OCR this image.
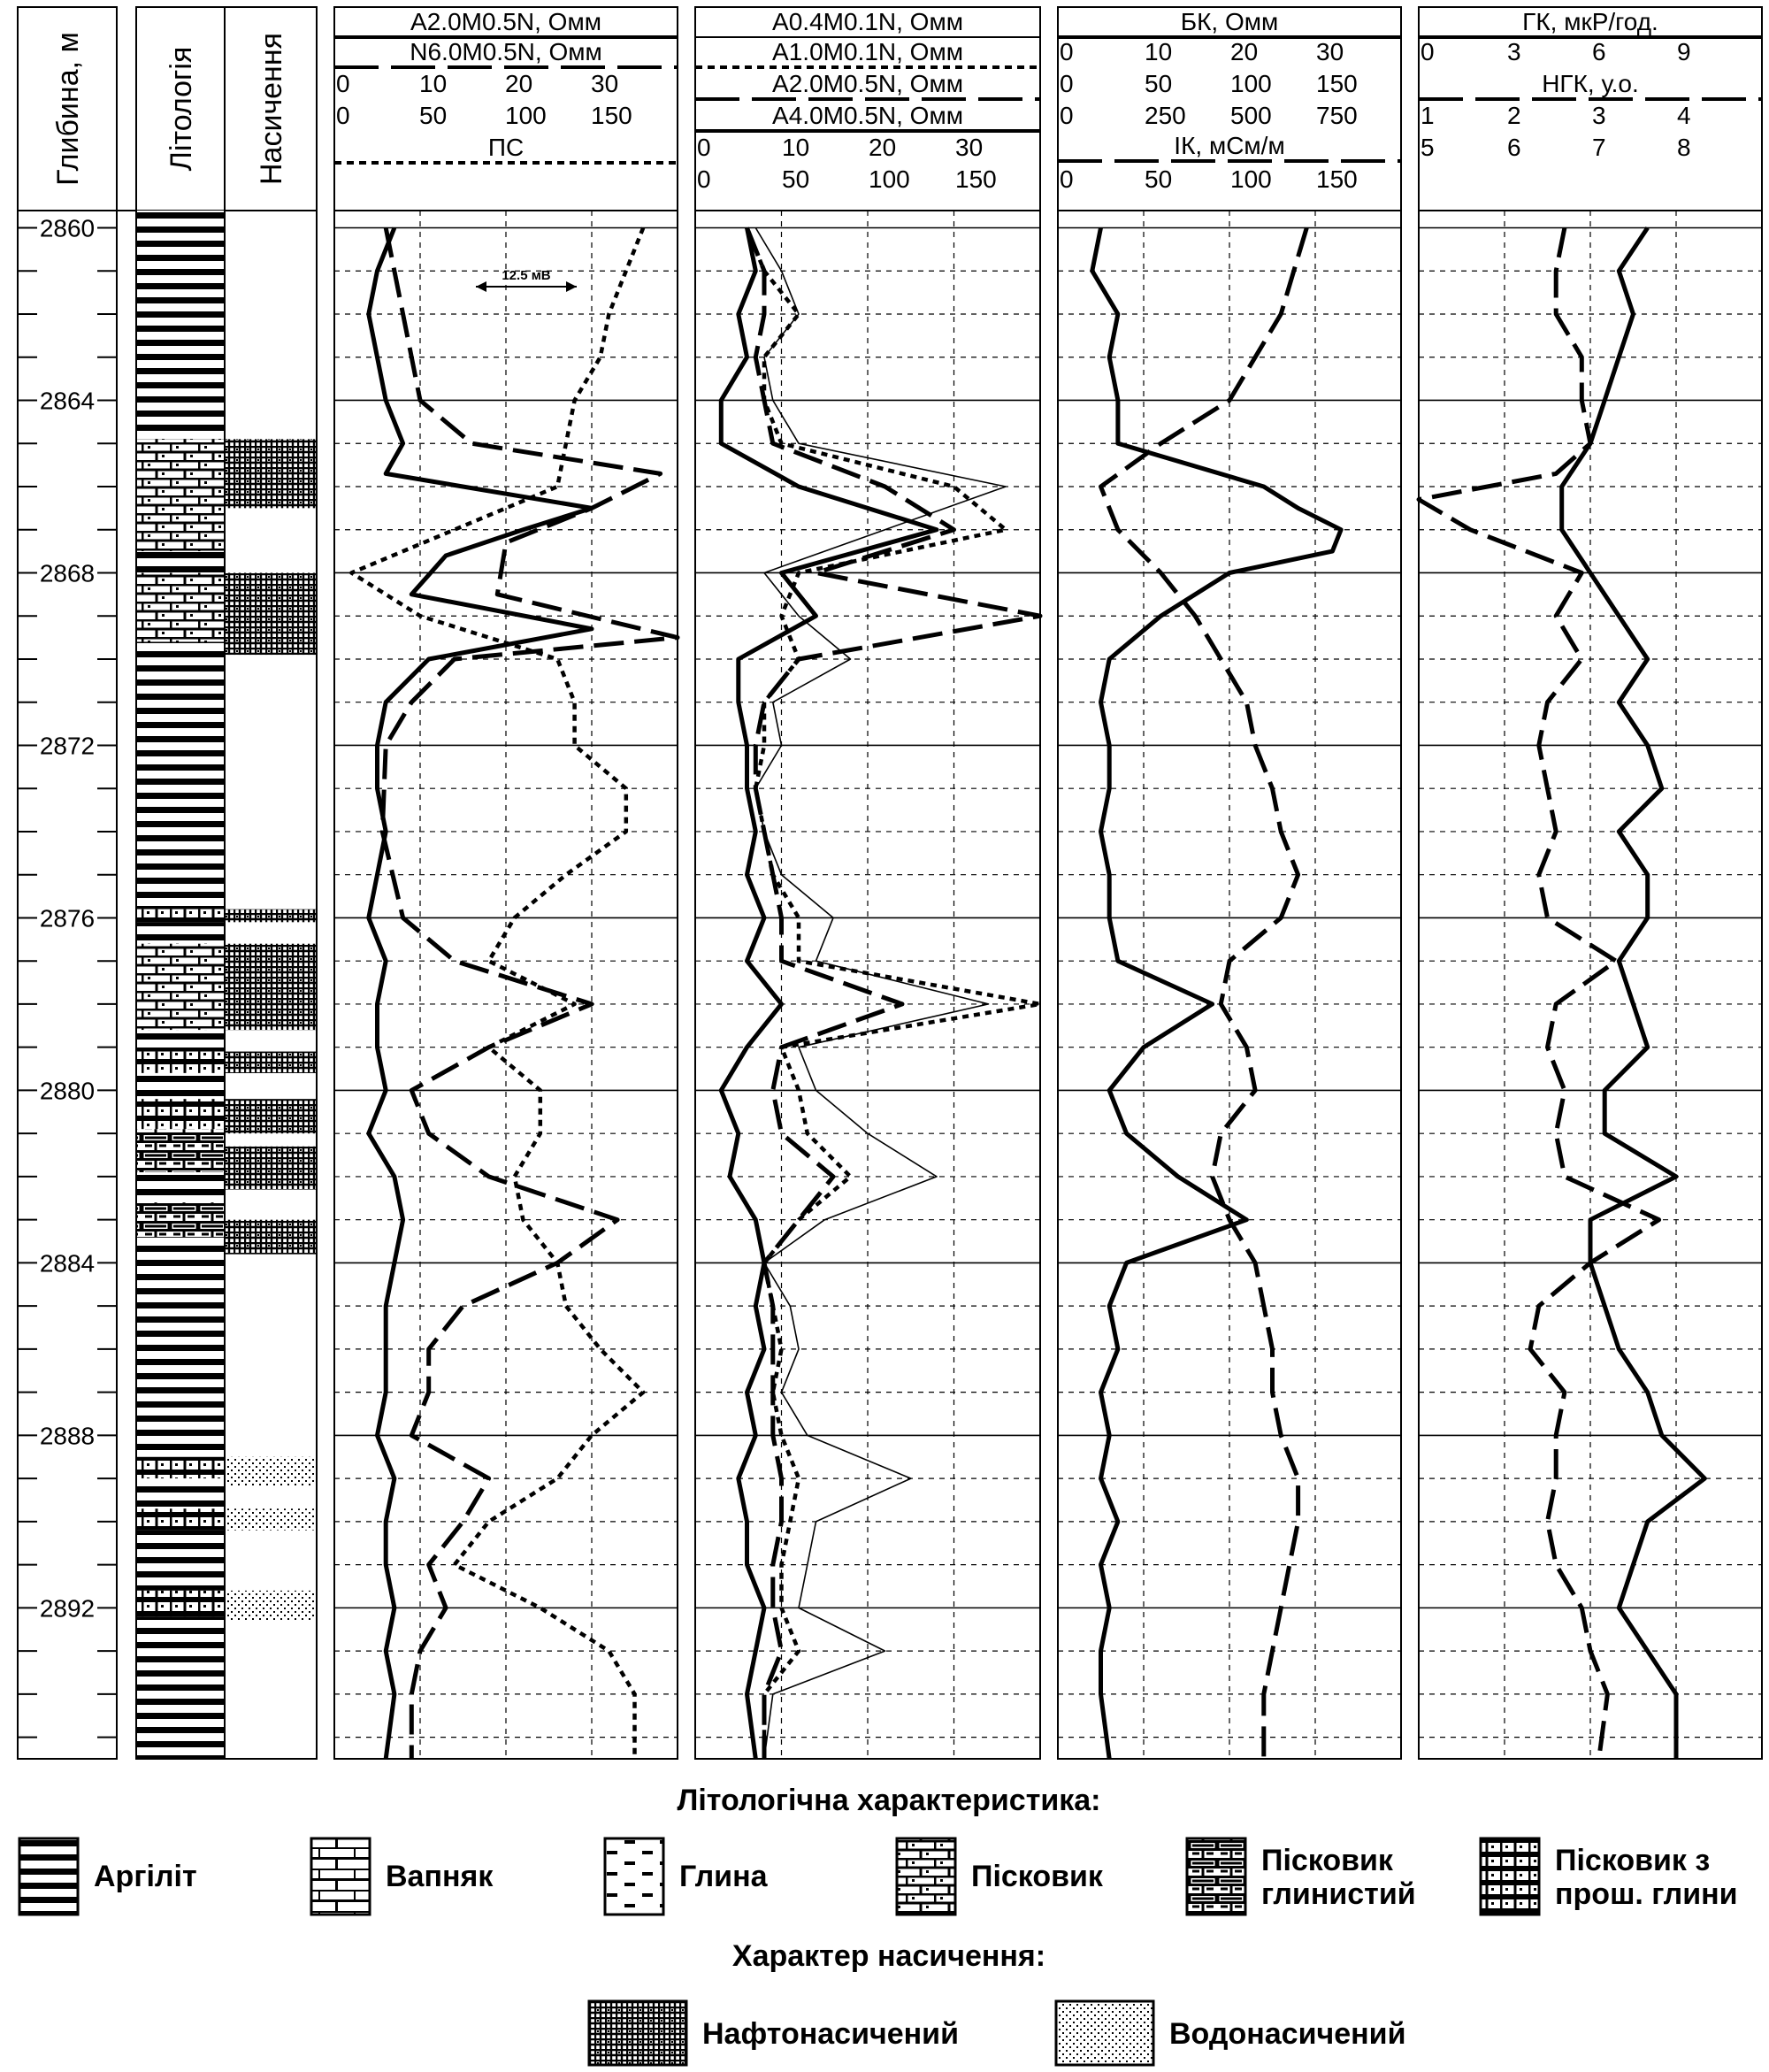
Глибина, м	Літологія Насичення
2860
2864
2868
2872
2876
2880
2884
2888
2892
A2.0M0.5N, Омм
N6.0M0.5N, Омм
0	10 20 30
0	50 100 150
ПС
12.5 мВ
A0.4M0.1N, Омм
A1.0M0.1N, Омм
A2.0M0.5N, Омм
A4.0M0.5N, Омм
0	10 20 30
0	50 100 150
БК, Омм
0	10 20 30
0	50 100 150
0	250 500 750
ІК, мСм/м
0	50 100 150
ГК, мкР/год.
0	3	6	9
НГК, у.о.
1	2	3	4
5	6	7	8
Літологічна характеристика:
Аргіліт	Вапняк	Глина	Пісковик	Пісковик
глинистий
Пісковик з
прош. глини
Характер насичення:
Нафтонасичений	Водонасичений
